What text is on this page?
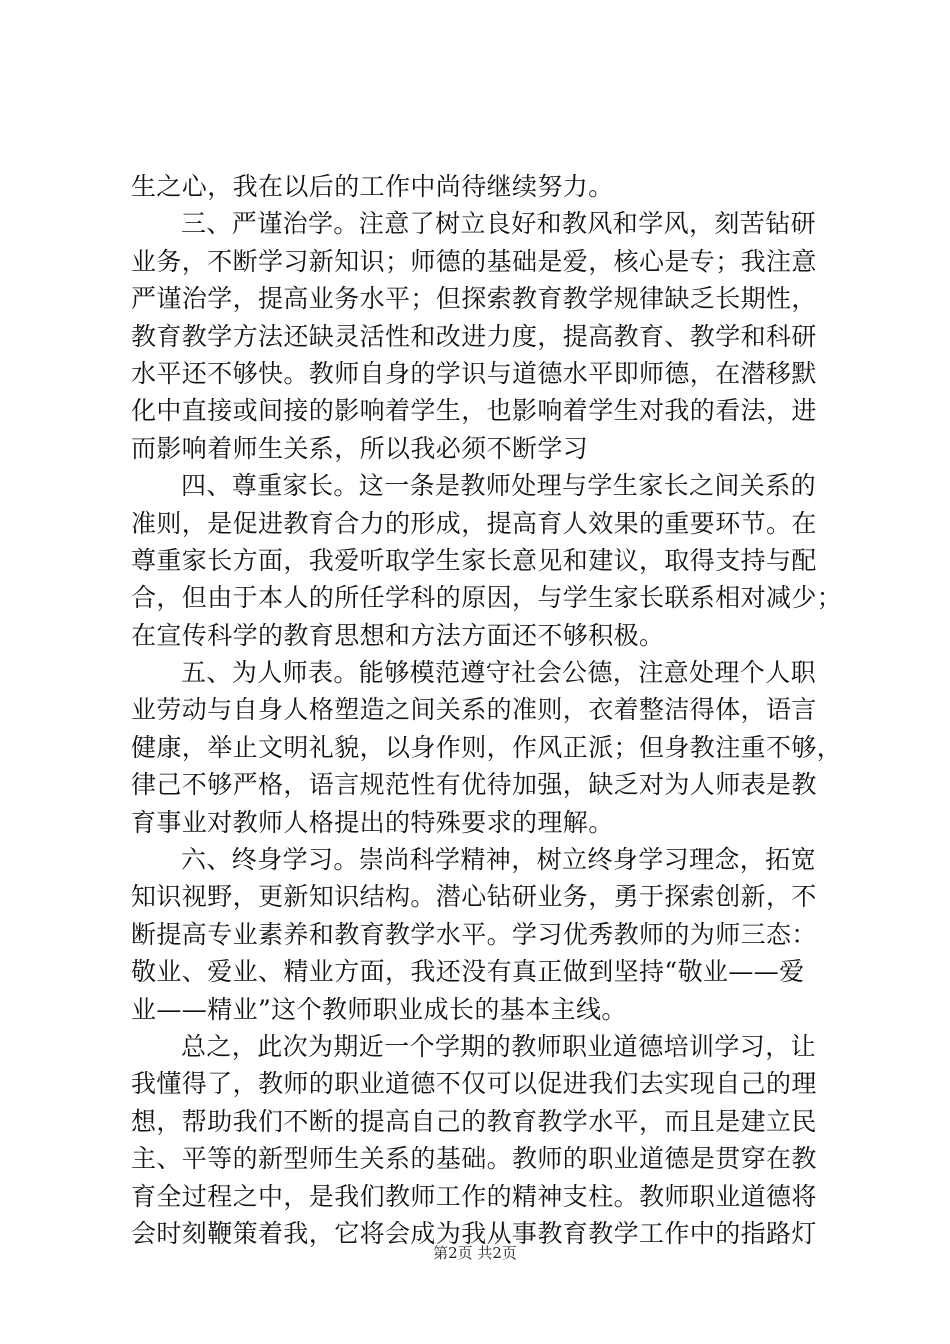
生之心，我在以后的工作中尚待继续努力。
三、严谨治学。注意了树立良好和教风和学风，刻苦钻研
业务，不断学习新知识；师德的基础是爱，核心是专；我注意
严谨治学，提高业务水平；但探索教育教学规律缺乏长期性，
教育教学方法还缺灵活性和改进力度，提高教育、教学和科研
水平还不够快。教师自身的学识与道德水平即师德，在潜移默
化中直接或间接的影响着学生，也影响着学生对我的看法，进
而影响着师生关系，所以我必须不断学习
四、尊重家长。这一条是教师处理与学生家长之间关系的
准则，是促进教育合力的形成，提高育人效果的重要环节。在
尊重家长方面，我爱听取学生家长意见和建议，取得支持与配
合，但由于本人的所任学科的原因，与学生家长联系相对减少；
在宣传科学的教育思想和方法方面还不够积极。
五、为人师表。能够模范遵守社会公德，注意处理个人职
业劳动与自身人格塑造之间关系的准则，衣着整洁得体，语言
健康，举止文明礼貌，以身作则，作风正派；但身教注重不够，
律己不够严格，语言规范性有优待加强，缺乏对为人师表是教
育事业对教师人格提出的特殊要求的理解。
六、终身学习。崇尚科学精神，树立终身学习理念，拓宽
知识视野，更新知识结构。潜心钻研业务，勇于探索创新，不
断提高专业素养和教育教学水平。学习优秀教师的为师三态：
敬业、爱业、精业方面，我还没有真正做到坚持“敬业——爱
业——精业”这个教师职业成长的基本主线。
总之，此次为期近一个学期的教师职业道德培训学习，让
我懂得了，教师的职业道德不仅可以促进我们去实现自己的理
想，帮助我们不断的提高自己的教育教学水平，而且是建立民
主、平等的新型师生关系的基础。教师的职业道德是贯穿在教
育全过程之中，是我们教师工作的精神支柱。教师职业道德将
会时刻鞭策着我，它将会成为我从事教育教学工作中的指路灯
第2页 共2页
